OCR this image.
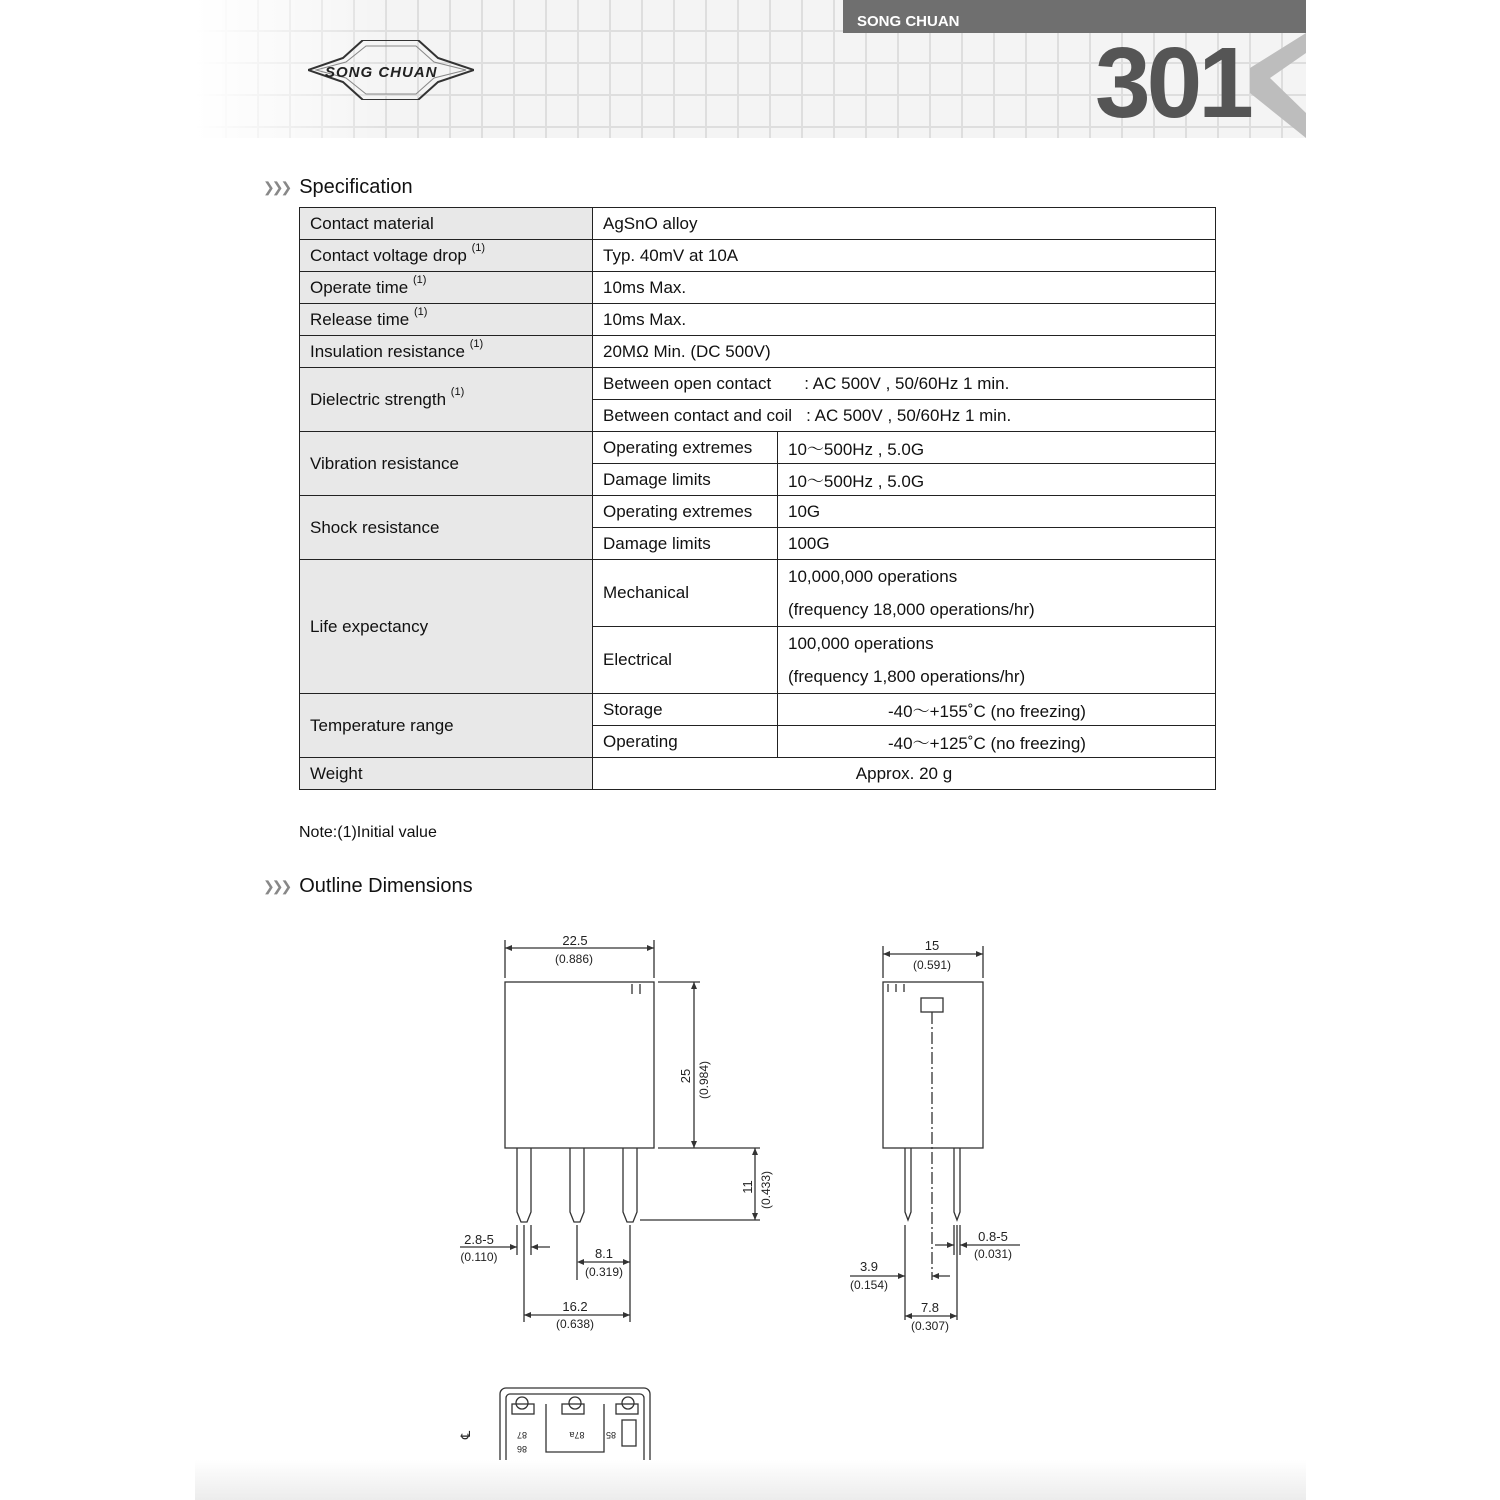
SONG CHUAN
SONG CHUAN
301
❯❯❯ Specification
Contact material	AgSnO alloy	
Contact voltage drop $^{(1)}$	Typ. 40mV at 10A	
Operate time $^{(1)}$	10ms Max.	
Release time $^{(1)}$	10ms Max.	
Insulation resistance $^{(1)}$	20MΩ Min. (DC 500V)	
Dielectric strength $^{(1)}$	Between open contact       : AC 500V , 50/60Hz 1 min.	
	Between contact and coil   : AC 500V , 50/60Hz 1 min.	
Vibration resistance	Operating extremes	10～500Hz , 5.0G
	Damage limits	10～500Hz , 5.0G
Shock resistance	Operating extremes	10G
	Damage limits	100G
Life expectancy	Mechanical	10,000,000 operations
(frequency 18,000 operations/hr)

	Electrical	100,000 operations
(frequency 1,800 operations/hr)

Temperature range	Storage	-40～+155˚C (no freezing)
	Operating	-40～+125˚C (no freezing)
Weight	Approx. 20 g	
Note:(1)Initial value
❯❯❯ Outline Dimensions
22.5
(0.886)
25 (0.984)
11 (0.433)
2.8-5
(0.110)	8.1
(0.319)
16.2
(0.638)
15
(0.591)
0.8-5
(0.031)
3.9
(0.154)
7.8
(0.307)
℄	87	87a 85
86
